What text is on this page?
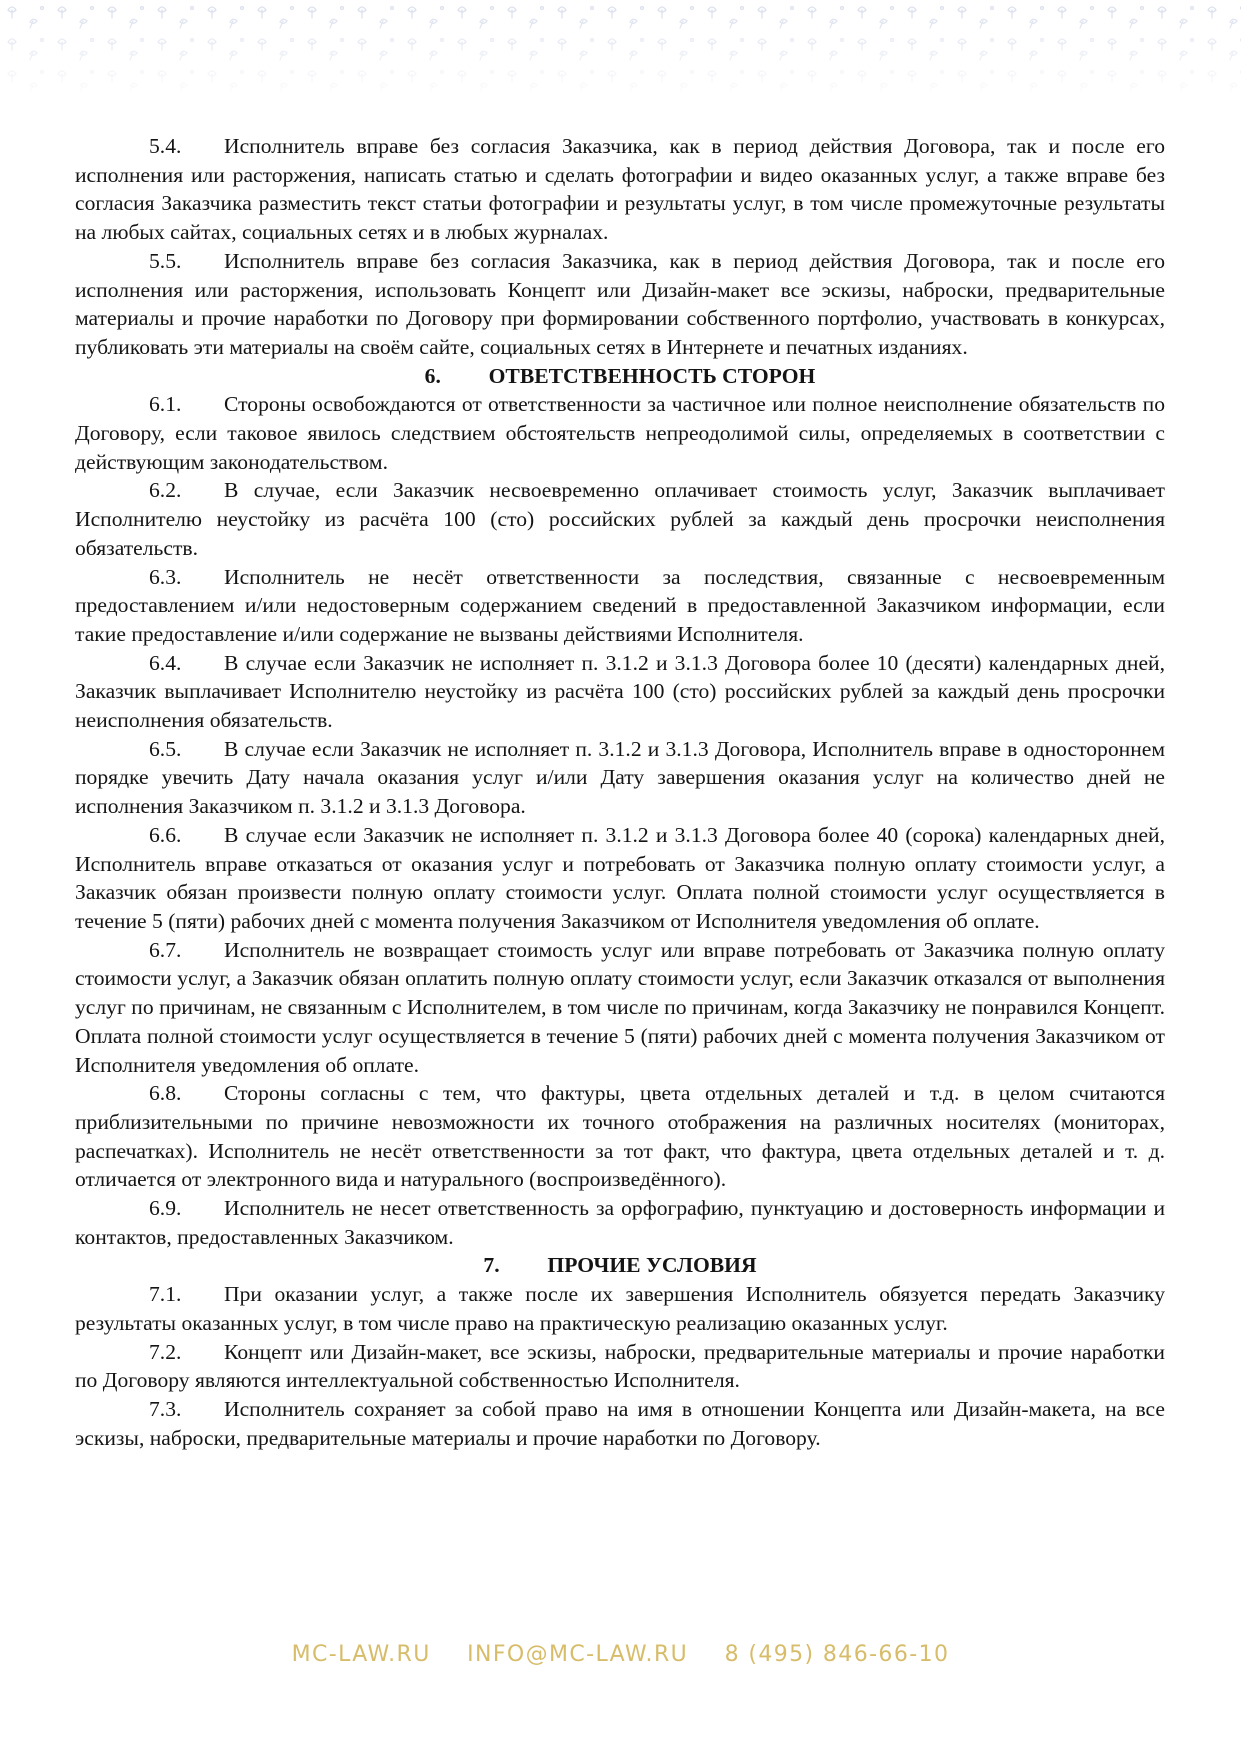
5.4. Исполнитель вправе без согласия Заказчика, как в период действия Договора, так и после его исполнения или расторжения, написать статью и сделать фотографии и видео оказанных услуг, а также вправе без согласия Заказчика разместить текст статьи фотографии и результаты услуг, в том числе промежуточные результаты на любых сайтах, социальных сетях и в любых журналах.

5.5. Исполнитель вправе без согласия Заказчика, как в период действия Договора, так и после его исполнения или расторжения, использовать Концепт или Дизайн-макет все эскизы, наброски, предварительные материалы и прочие наработки по Договору при формировании собственного портфолио, участвовать в конкурсах, публиковать эти материалы на своём сайте, социальных сетях в Интернете и печатных изданиях.

6. ОТВЕТСТВЕННОСТЬ СТОРОН

6.1. Стороны освобождаются от ответственности за частичное или полное неисполнение обязательств по Договору, если таковое явилось следствием обстоятельств непреодолимой силы, определяемых в соответствии с действующим законодательством.

6.2. В случае, если Заказчик несвоевременно оплачивает стоимость услуг, Заказчик выплачивает Исполнителю неустойку из расчёта 100 (сто) российских рублей за каждый день просрочки неисполнения обязательств.

6.3. Исполнитель не несёт ответственности за последствия, связанные с несвоевременным предоставлением и/или недостоверным содержанием сведений в предоставленной Заказчиком информации, если такие предоставление и/или содержание не вызваны действиями Исполнителя.

6.4. В случае если Заказчик не исполняет п. 3.1.2 и 3.1.3 Договора более 10 (десяти) календарных дней, Заказчик выплачивает Исполнителю неустойку из расчёта 100 (сто) российских рублей за каждый день просрочки неисполнения обязательств.

6.5. В случае если Заказчик не исполняет п. 3.1.2 и 3.1.3 Договора, Исполнитель вправе в одностороннем порядке увечить Дату начала оказания услуг и/или Дату завершения оказания услуг на количество дней не исполнения Заказчиком п. 3.1.2 и 3.1.3 Договора.

6.6. В случае если Заказчик не исполняет п. 3.1.2 и 3.1.3 Договора более 40 (сорока) календарных дней, Исполнитель вправе отказаться от оказания услуг и потребовать от Заказчика полную оплату стоимости услуг, а Заказчик обязан произвести полную оплату стоимости услуг. Оплата полной стоимости услуг осуществляется в течение 5 (пяти) рабочих дней с момента получения Заказчиком от Исполнителя уведомления об оплате.

6.7. Исполнитель не возвращает стоимость услуг или вправе потребовать от Заказчика полную оплату стоимости услуг, а Заказчик обязан оплатить полную оплату стоимости услуг, если Заказчик отказался от выполнения услуг по причинам, не связанным с Исполнителем, в том числе по причинам, когда Заказчику не понравился Концепт. Оплата полной стоимости услуг осуществляется в течение 5 (пяти) рабочих дней с момента получения Заказчиком от Исполнителя уведомления об оплате.

6.8. Стороны согласны с тем, что фактуры, цвета отдельных деталей и т.д. в целом считаются приблизительными по причине невозможности их точного отображения на различных носителях (мониторах, распечатках). Исполнитель не несёт ответственности за тот факт, что фактура, цвета отдельных деталей и т. д. отличается от электронного вида и натурального (воспроизведённого).

6.9. Исполнитель не несет ответственность за орфографию, пунктуацию и достоверность информации и контактов, предоставленных Заказчиком.

7. ПРОЧИЕ УСЛОВИЯ

7.1. При оказании услуг, а также после их завершения Исполнитель обязуется передать Заказчику результаты оказанных услуг, в том числе право на практическую реализацию оказанных услуг.

7.2. Концепт или Дизайн-макет, все эскизы, наброски, предварительные материалы и прочие наработки по Договору являются интеллектуальной собственностью Исполнителя.

7.3. Исполнитель сохраняет за собой право на имя в отношении Концепта или Дизайн-макета, на все эскизы, наброски, предварительные материалы и прочие наработки по Договору.

MC-LAW.RU INFO@MC-LAW.RU 8 (495) 846-66-10
